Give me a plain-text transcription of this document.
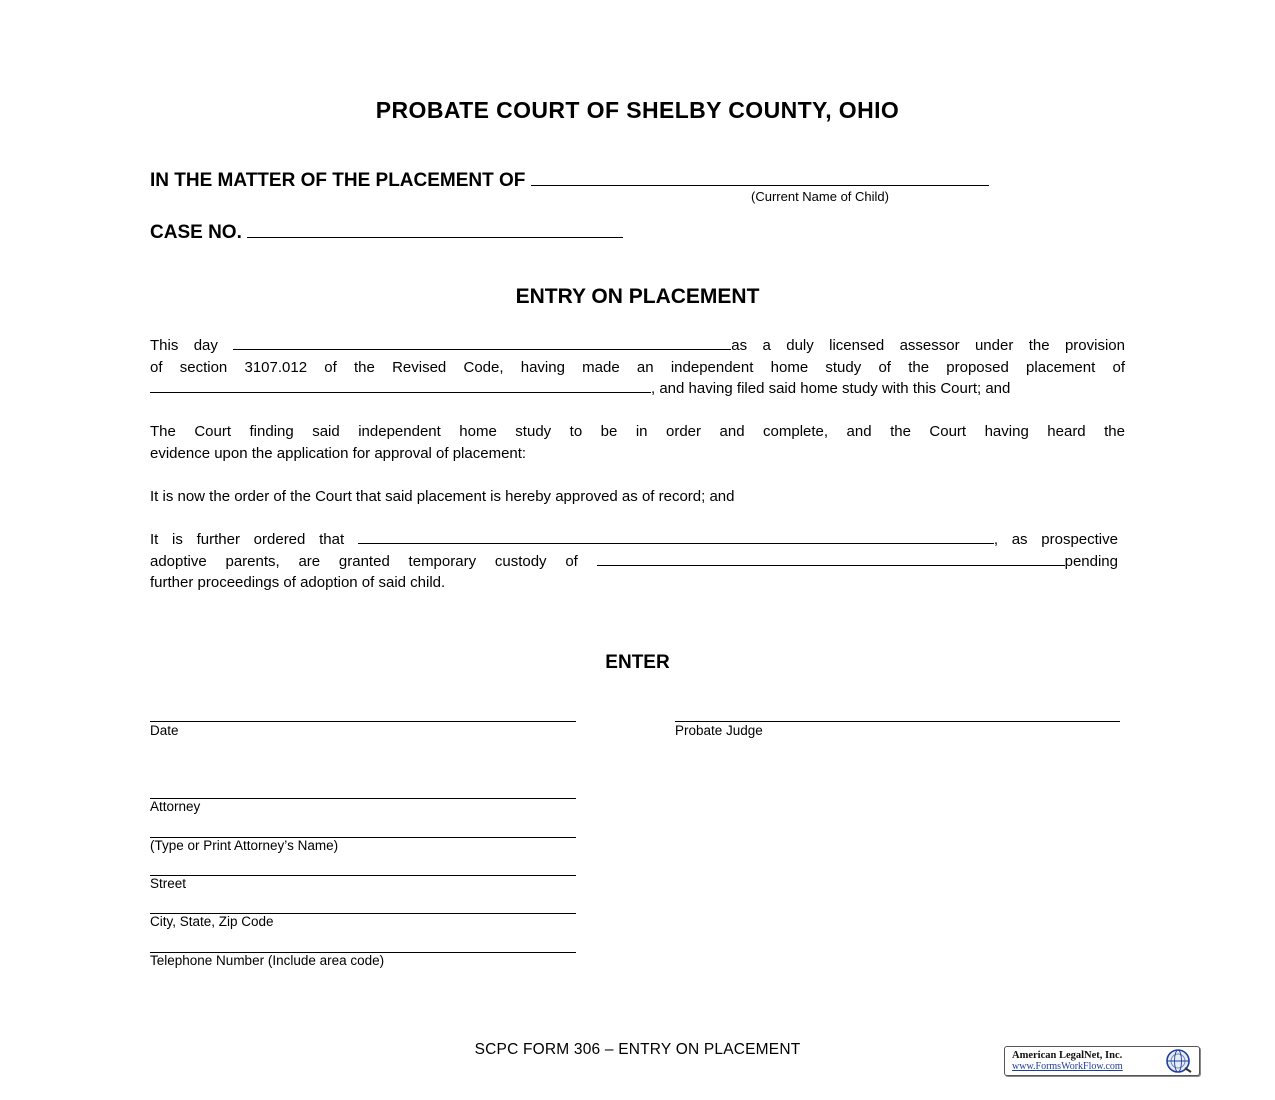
PROBATE COURT OF SHELBY COUNTY, OHIO
IN THE MATTER OF THE PLACEMENT OF
(Current Name of Child)
CASE NO.
ENTRY ON PLACEMENT

This day	as a duly licensed assessor under the provision

of section 3107.012 of the Revised Code, having made an independent home study of the proposed placement of

, and having filed said home study with this Court; and

The Court finding said independent home study to be in order and complete, and the Court having heard the

evidence upon the application for approval of placement:

It is now the order of the Court that said placement is hereby approved as of record; and

It is further ordered that	, as prospective

adoptive parents, are granted temporary custody of	pending

further proceedings of adoption of said child.

ENTER
Date	Probate Judge
Attorney
(Type or Print Attorney’s Name)
Street
City, State, Zip Code
Telephone Number (Include area code)
SCPC FORM 306 – ENTRY ON PLACEMENT	American LegalNet, Inc.
www.FormsWorkFlow.com
